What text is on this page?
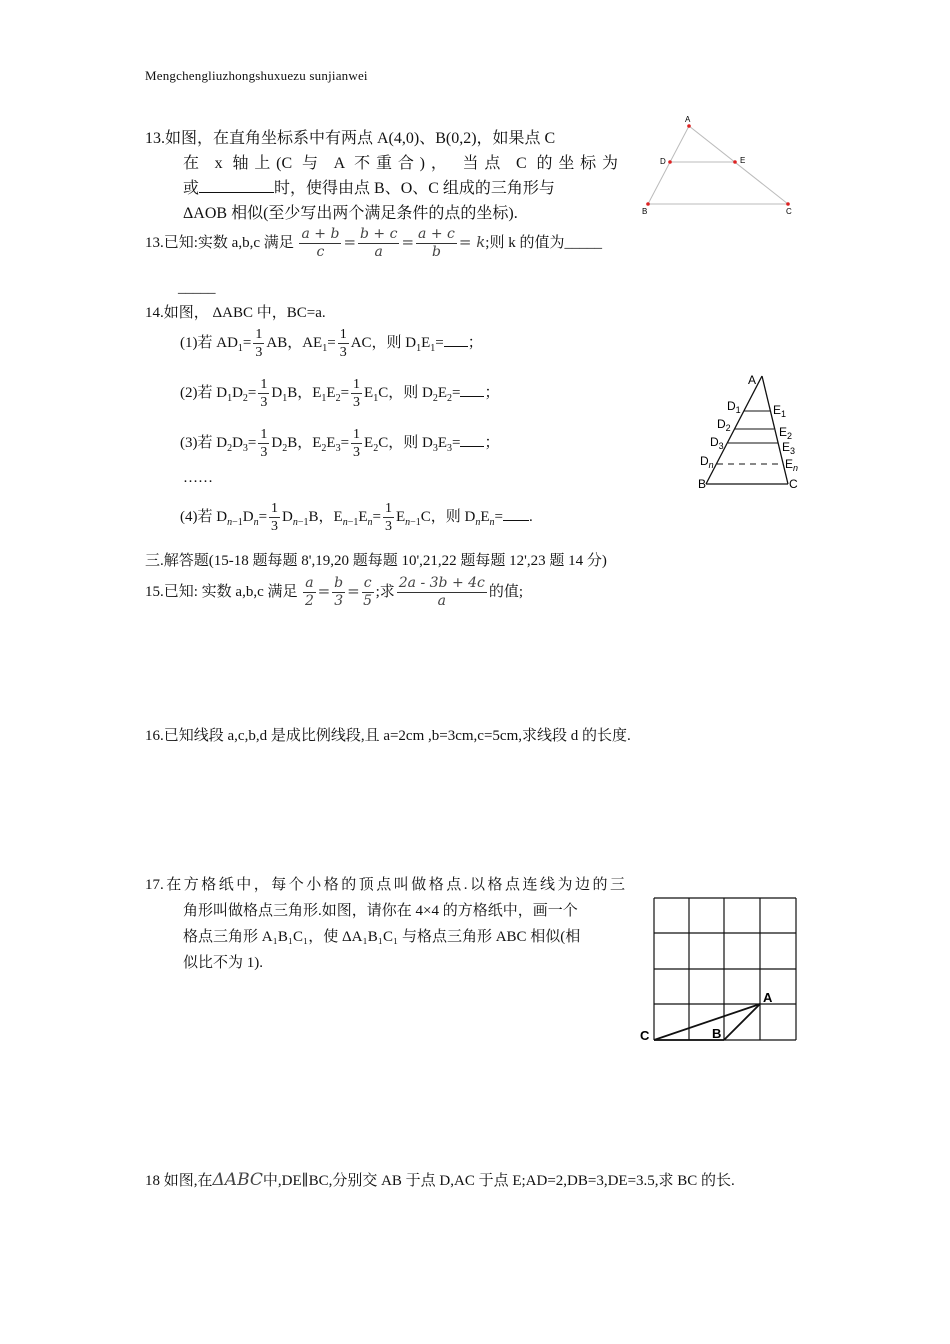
Mengchengliuzhongshuxuezu sunjianwei
13.如图，在直角坐标系中有两点 A(4,0)、B(0,2)，如果点 C
在 x 轴上(C 与 A 不重合)， 当点 C 的坐标为
或	时，使得由点 B、O、C 组成的三角形与
ΔAOB 相似(至少写出两个满足条件的点的坐标).
A
D	E
B	C
13.已知:实数 a,b,c 满足 $\frac{a + b}{c} = \frac{b + c}{a} = \frac{a + c}{b} = k$;则 k 的值为_____
_____
14.如图， ΔABC 中，BC=a.
(1)若 $AD_1= \frac{1}{3}$ AB，$AE_1= \frac{1}{3}$ AC，则 $D_1E_1=$ ；
(2)若 $D_1D_2= \frac{1}{3} D_1B$，$E_1E_2= \frac{1}{3} E_1C$，则 $D_2E_2=$ ；
(3)若 $D_2D_3= \frac{1}{3} D_2B$，$E_2E_3= \frac{1}{3} E_2C$，则 $D_3E_3=$ ；
……
(4)若 $D_{n-1}D_n= \frac{1}{3} D_{n-1}B$，$E_{n-1}E_n= \frac{1}{3} E_{n-1}C$，则 $D_nE_n=$ .
A
$D_1$	$E_1$
$D_2$	$E_2$
$D_3$	$E_3$
$D_n$	$E_n$
B	C
三.解答题(15-18 题每题 8',19,20 题每题 10',21,22 题每题 12',23 题 14 分)
15.已知: 实数 a,b,c 满足 $\frac{a}{2} = \frac{b}{3} = \frac{c}{5}$ ;求 $\frac{2a - 3b + 4c}{a}$ 的值;
16.已知线段 a,c,b,d 是成比例线段,且 a=2cm ,b=3cm,c=5cm,求线段 d 的长度.
17.在方格纸中，每个小格的顶点叫做格点.以格点连线为边的三
角形叫做格点三角形.如图，请你在 4×4 的方格纸中，画一个
格点三角形 A₁B₁C₁，使 ΔA₁B₁C₁ 与格点三角形 ABC 相似(相
似比不为 1).
A
B
C
18 如图,在ΔABC中,DE∥BC,分别交 AB 于点 D,AC 于点 E;AD=2,DB=3,DE=3.5,求 BC 的长.
